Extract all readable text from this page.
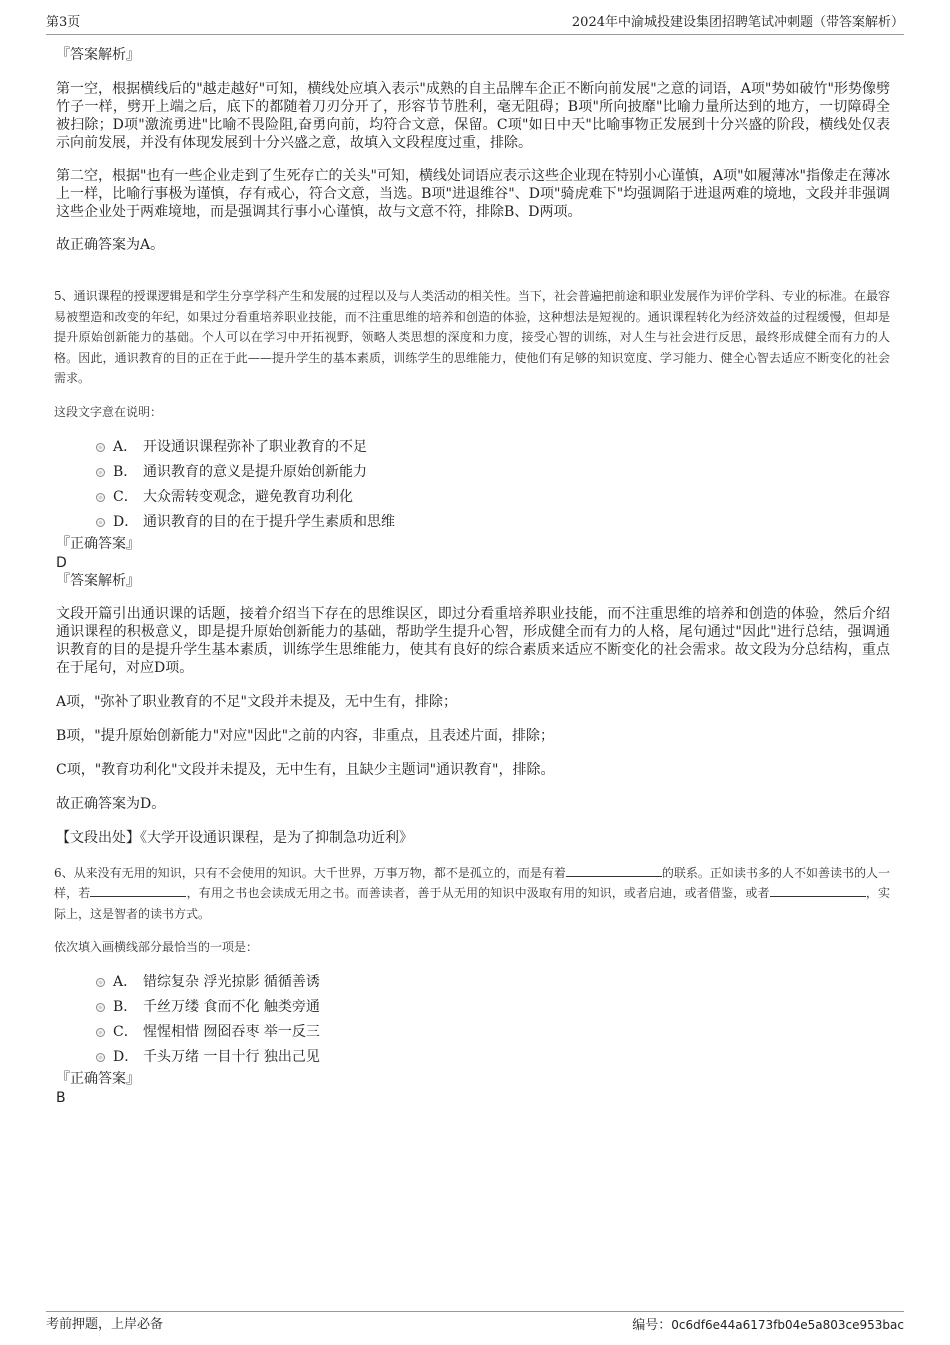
第3页	2024年中渝城投建设集团招聘笔试冲刺题（带答案解析）

『答案解析』

第一空，根据横线后的"越走越好"可知，横线处应填入表示"成熟的自主品牌车企正不断向前发展"之意的词语，A项"势如破竹"形势像劈竹子一样，劈开上端之后，底下的都随着刀刃分开了，形容节节胜利，毫无阻碍；B项"所向披靡"比喻力量所达到的地方，一切障碍全被扫除；D项"激流勇进"比喻不畏险阻,奋勇向前，均符合文意，保留。C项"如日中天"比喻事物正发展到十分兴盛的阶段，横线处仅表示向前发展，并没有体现发展到十分兴盛之意，故填入文段程度过重，排除。

第二空，根据"也有一些企业走到了生死存亡的关头"可知，横线处词语应表示这些企业现在特别小心谨慎，A项"如履薄冰"指像走在薄冰上一样，比喻行事极为谨慎，存有戒心，符合文意，当选。B项"进退维谷"、D项"骑虎难下"均强调陷于进退两难的境地，文段并非强调这些企业处于两难境地，而是强调其行事小心谨慎，故与文意不符，排除B、D两项。

故正确答案为A。

5、通识课程的授课逻辑是和学生分享学科产生和发展的过程以及与人类活动的相关性。当下，社会普遍把前途和职业发展作为评价学科、专业的标准。在最容易被塑造和改变的年纪，如果过分看重培养职业技能，而不注重思维的培养和创造的体验，这种想法是短视的。通识课程转化为经济效益的过程缓慢，但却是提升原始创新能力的基础。个人可以在学习中开拓视野，领略人类思想的深度和力度，接受心智的训练，对人生与社会进行反思，最终形成健全而有力的人格。因此，通识教育的目的正在于此——提升学生的基本素质，训练学生的思维能力，使他们有足够的知识宽度、学习能力、健全心智去适应不断变化的社会需求。

这段文字意在说明：

A． 开设通识课程弥补了职业教育的不足
B． 通识教育的意义是提升原始创新能力
C． 大众需转变观念，避免教育功利化
D． 通识教育的目的在于提升学生素质和思维

『正确答案』

D

『答案解析』

文段开篇引出通识课的话题，接着介绍当下存在的思维误区，即过分看重培养职业技能，而不注重思维的培养和创造的体验，然后介绍通识课程的积极意义，即是提升原始创新能力的基础，帮助学生提升心智，形成健全而有力的人格，尾句通过"因此"进行总结，强调通识教育的目的是提升学生基本素质，训练学生思维能力，使其有良好的综合素质来适应不断变化的社会需求。故文段为分总结构，重点在于尾句，对应D项。

A项，"弥补了职业教育的不足"文段并未提及，无中生有，排除；

B项，"提升原始创新能力"对应"因此"之前的内容，非重点，且表述片面，排除；

C项，"教育功利化"文段并未提及，无中生有，且缺少主题词"通识教育"，排除。

故正确答案为D。

【文段出处】《大学开设通识课程，是为了抑制急功近利》

6、从来没有无用的知识，只有不会使用的知识。大千世界，万事万物，都不是孤立的，而是有着	的联系。正如读书多的人不如善读书的人一样，若	，有用之书也会读成无用之书。而善读者，善于从无用的知识中汲取有用的知识，或者启迪，或者借鉴，或者	，实际上，这是智者的读书方式。

依次填入画横线部分最恰当的一项是：

A． 错综复杂 浮光掠影 循循善诱
B． 千丝万缕 食而不化 触类旁通
C． 惺惺相惜 囫囵吞枣 举一反三
D． 千头万绪 一目十行 独出己见

『正确答案』

B

考前押题，上岸必备	编号：0c6df6e44a6173fb04e5a803ce953bac
